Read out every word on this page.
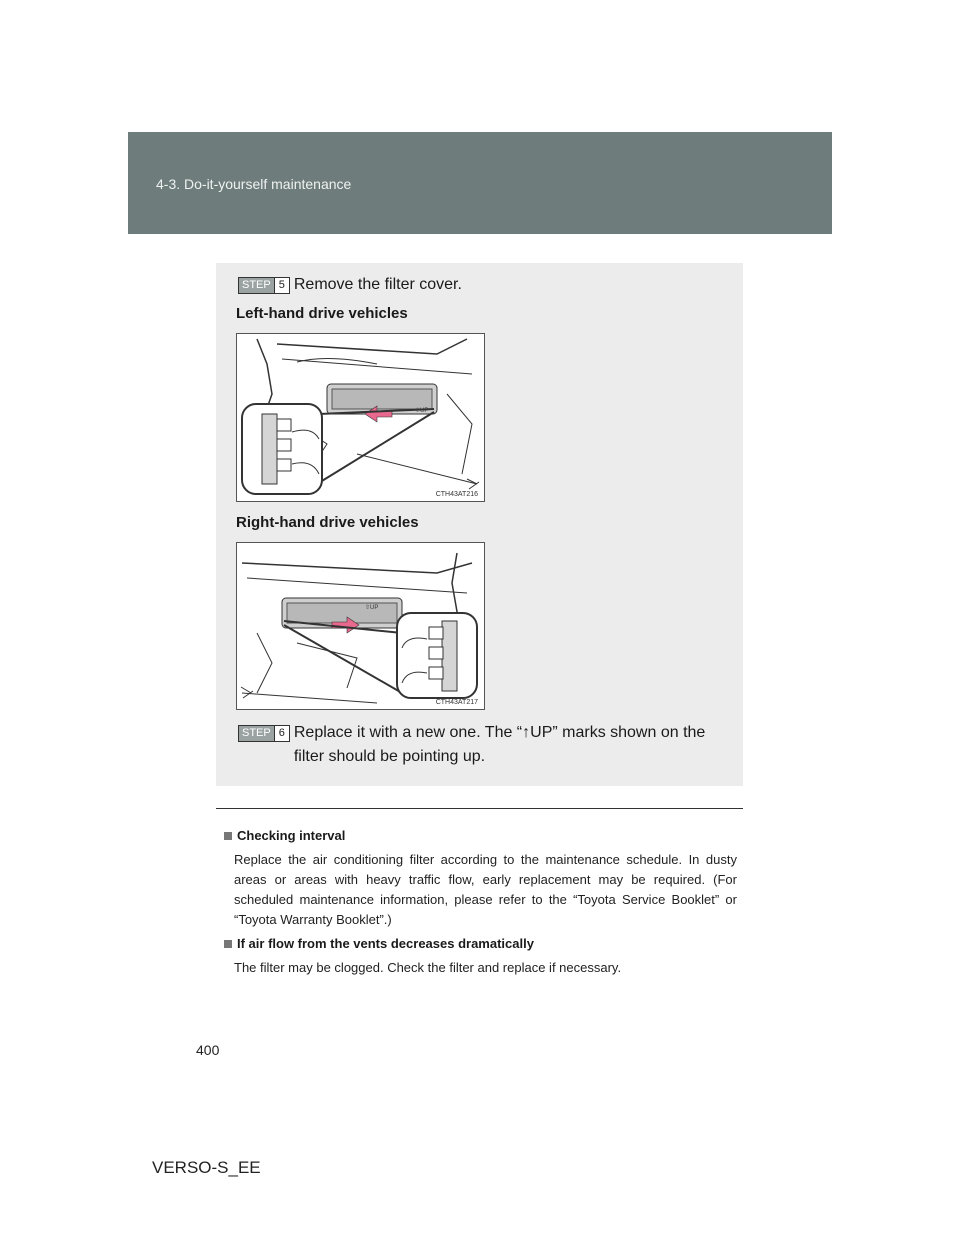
4-3. Do-it-yourself maintenance
STEP 5 Remove the filter cover.
Left-hand drive vehicles
⇧UP
CTH43AT216
Right-hand drive vehicles
⇧UP
CTH43AT217
STEP 6 Replace it with a new one. The “↑UP” marks shown on the
filter should be pointing up.
Checking interval
Replace the air conditioning filter according to the maintenance schedule. In dusty areas or areas with heavy traffic flow, early replacement may be required. (For scheduled maintenance information, please refer to the “Toyota Service Booklet” or “Toyota Warranty Booklet”.)
If air flow from the vents decreases dramatically
The filter may be clogged. Check the filter and replace if necessary.
400
VERSO-S_EE
